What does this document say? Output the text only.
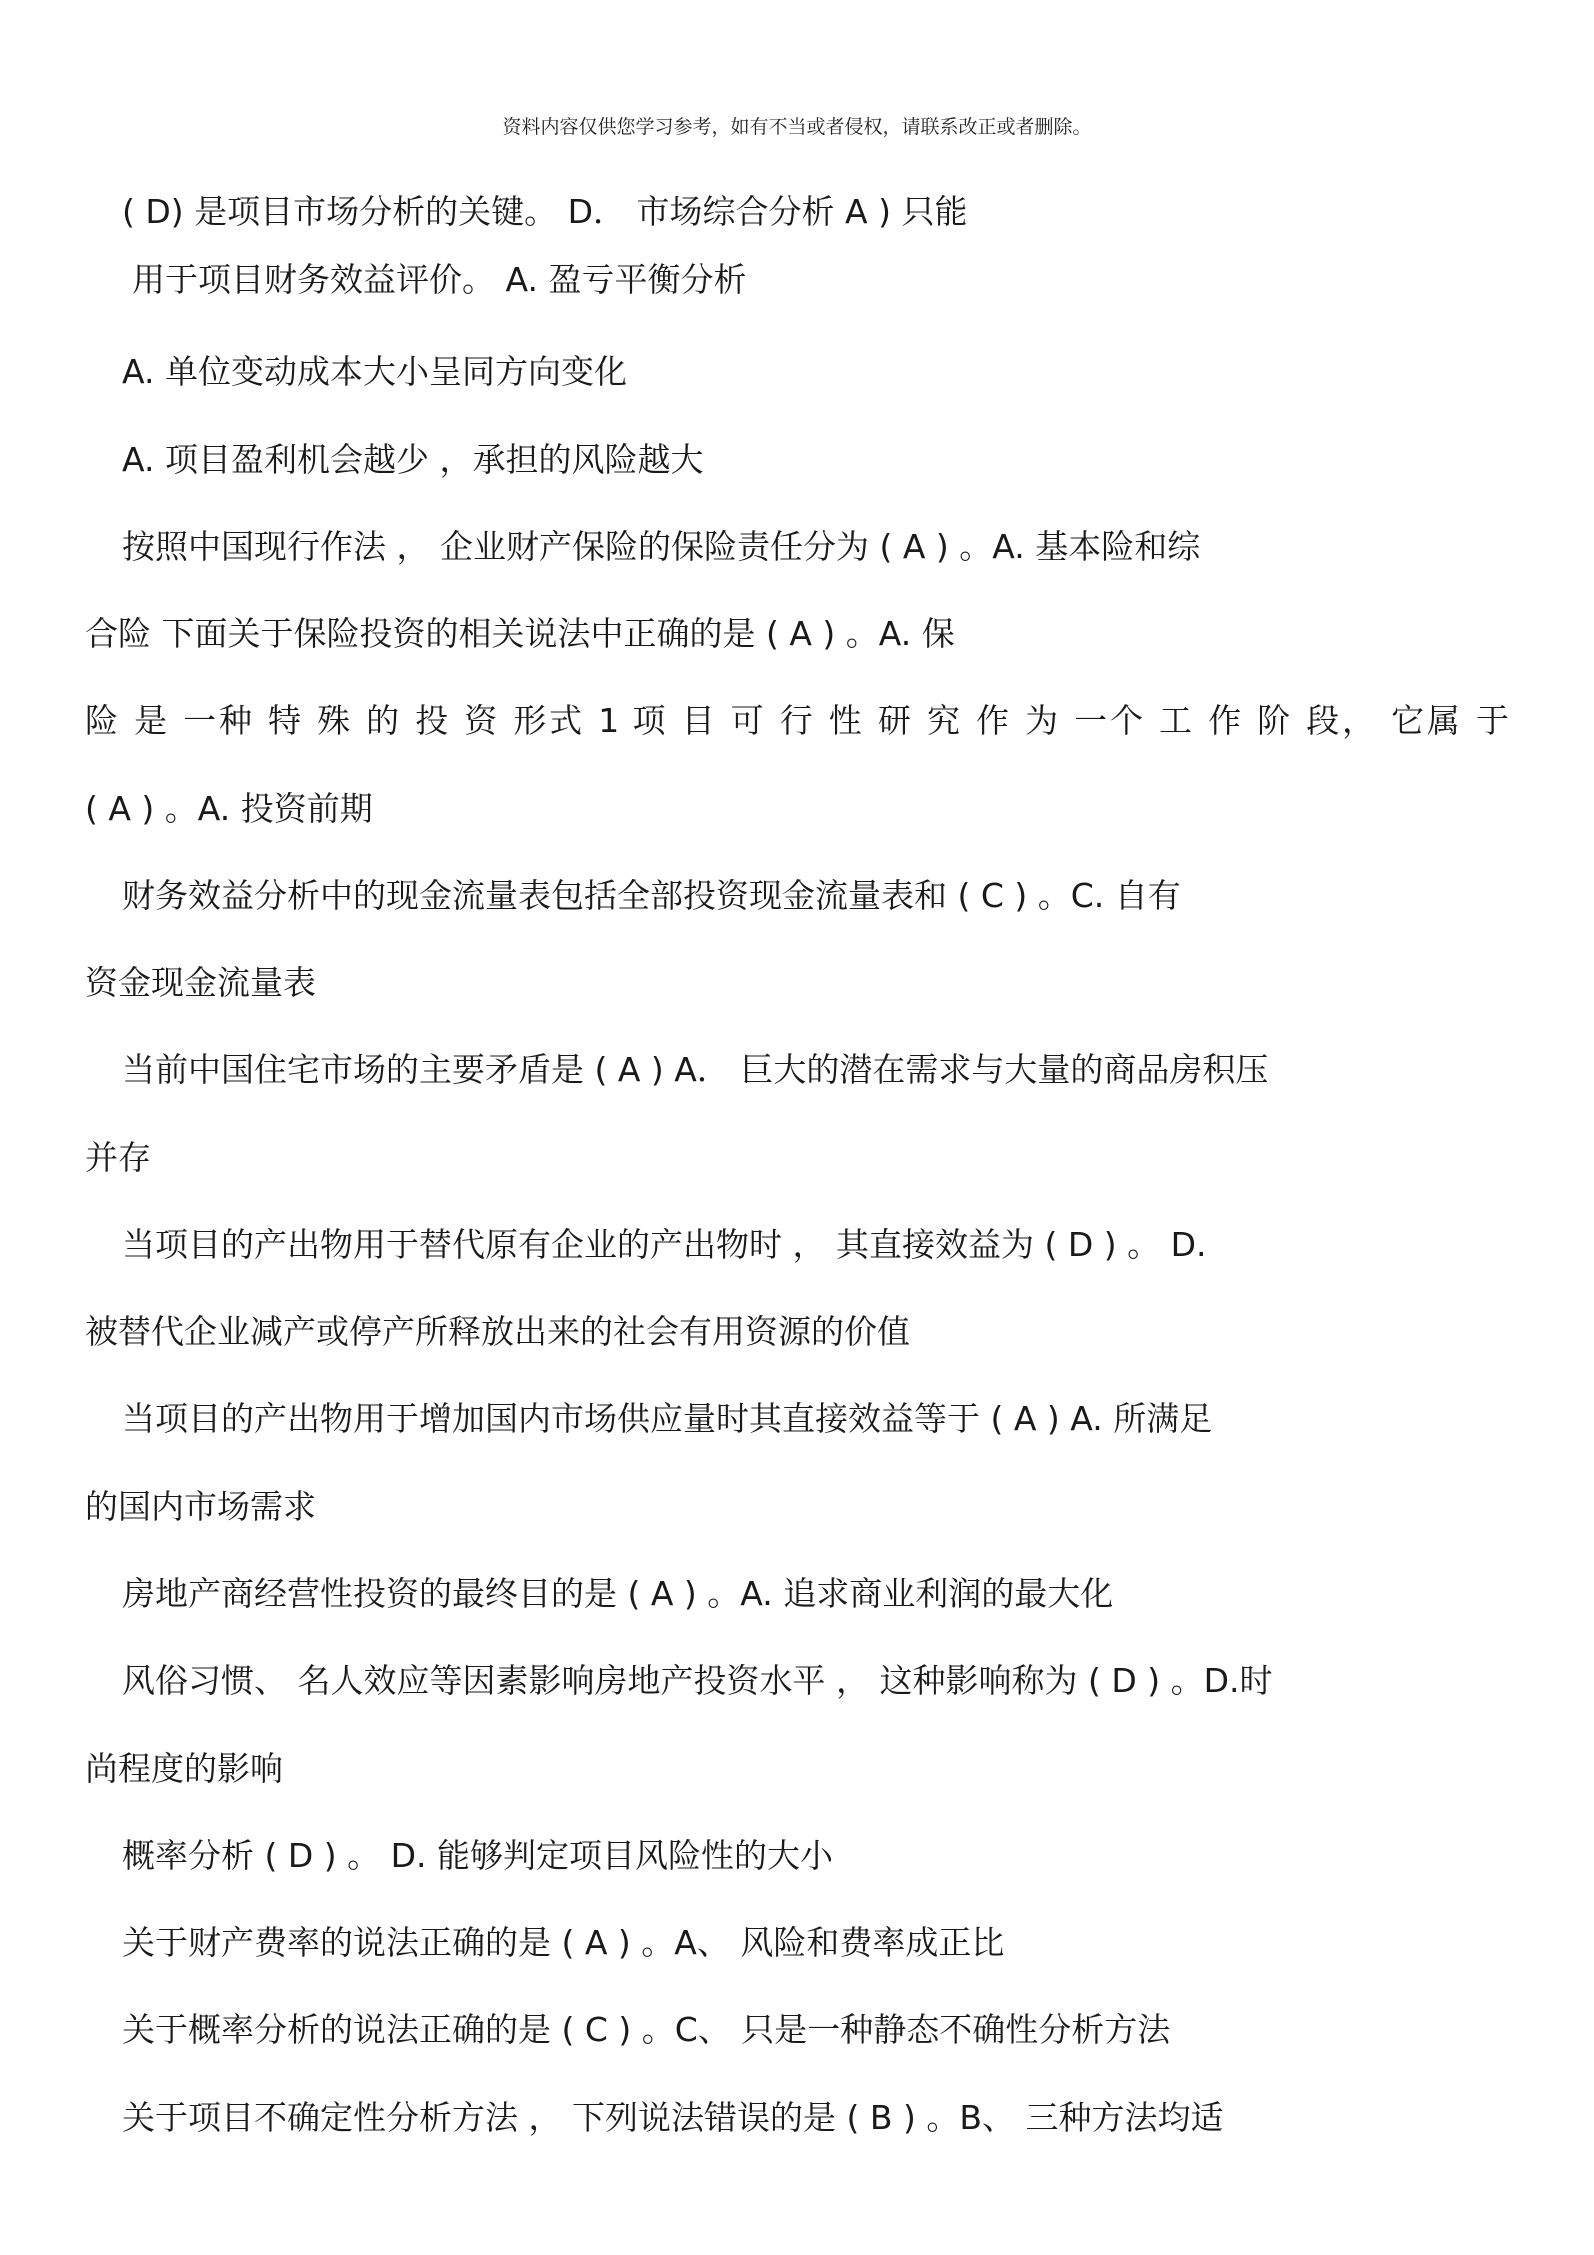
资料内容仅供您学习参考，如有不当或者侵权，请联系改正或者删除。
( D) 是项目市场分析的关键。 D． 市场综合分析 A ) 只能
用于项目财务效益评价。 A. 盈亏平衡分析
A. 单位变动成本大小呈同方向变化
A. 项目盈利机会越少 ，承担的风险越大
按照中国现行作法 ， 企业财产保险的保险责任分为 ( A ) 。A. 基本险和综
合险 下面关于保险投资的相关说法中正确的是 ( A ) 。A. 保
险 是 一种 特 殊 的 投 资 形式 1 项 目 可 行 性 研 究 作 为 一个 工 作 阶 段， 它属 于
( A ) 。A. 投资前期
财务效益分析中的现金流量表包括全部投资现金流量表和 ( C ) 。C. 自有
资金现金流量表
当前中国住宅市场的主要矛盾是 ( A ) A． 巨大的潜在需求与大量的商品房积压
并存
当项目的产出物用于替代原有企业的产出物时 ， 其直接效益为 ( D ) 。 D.
被替代企业减产或停产所释放出来的社会有用资源的价值
当项目的产出物用于增加国内市场供应量时其直接效益等于 ( A ) A. 所满足
的国内市场需求
房地产商经营性投资的最终目的是 ( A ) 。A. 追求商业利润的最大化
风俗习惯、 名人效应等因素影响房地产投资水平 ， 这种影响称为 ( D ) 。D.时
尚程度的影响
概率分析 ( D ) 。 D. 能够判定项目风险性的大小
关于财产费率的说法正确的是 ( A ) 。A、 风险和费率成正比
关于概率分析的说法正确的是 ( C ) 。C、 只是一种静态不确性分析方法
关于项目不确定性分析方法 ， 下列说法错误的是 ( B ) 。B、 三种方法均适
